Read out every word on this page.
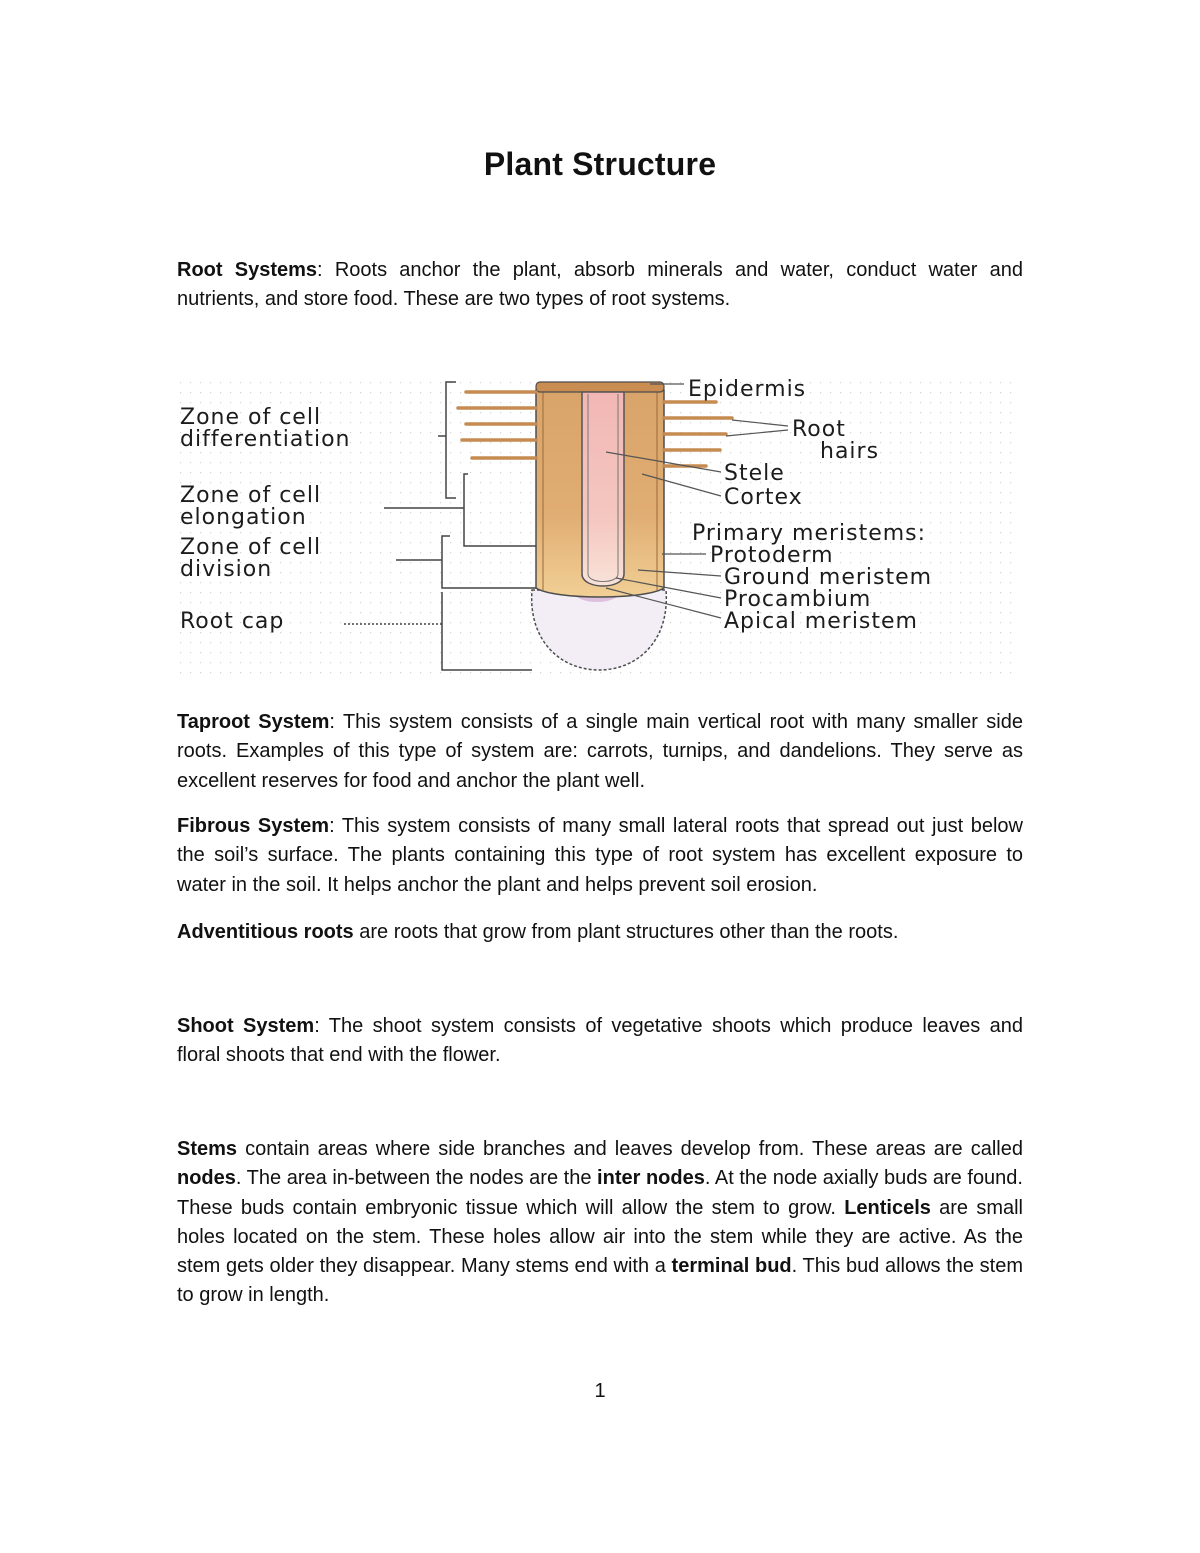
Plant Structure

Root Systems: Roots anchor the plant, absorb minerals and water, conduct water and nutrients, and store food. These are two types of root systems.

Zone of cell
differentiation
Zone of cell
elongation
Zone of cell
division
Root cap
Epidermis
Root
hairs
Stele
Cortex
Primary meristems:
Protoderm
Ground meristem
Procambium
Apical meristem

Taproot System: This system consists of a single main vertical root with many smaller side roots. Examples of this type of system are: carrots, turnips, and dandelions. They serve as excellent reserves for food and anchor the plant well.

Fibrous System: This system consists of many small lateral roots that spread out just below the soil’s surface. The plants containing this type of root system has excellent exposure to water in the soil. It helps anchor the plant and helps prevent soil erosion.

Adventitious roots are roots that grow from plant structures other than the roots.

Shoot System: The shoot system consists of vegetative shoots which produce leaves and floral shoots that end with the flower.

Stems contain areas where side branches and leaves develop from. These areas are called nodes. The area in-between the nodes are the inter nodes. At the node axially buds are found. These buds contain embryonic tissue which will allow the stem to grow. Lenticels are small holes located on the stem. These holes allow air into the stem while they are active. As the stem gets older they disappear. Many stems end with a terminal bud. This bud allows the stem to grow in length.

1
